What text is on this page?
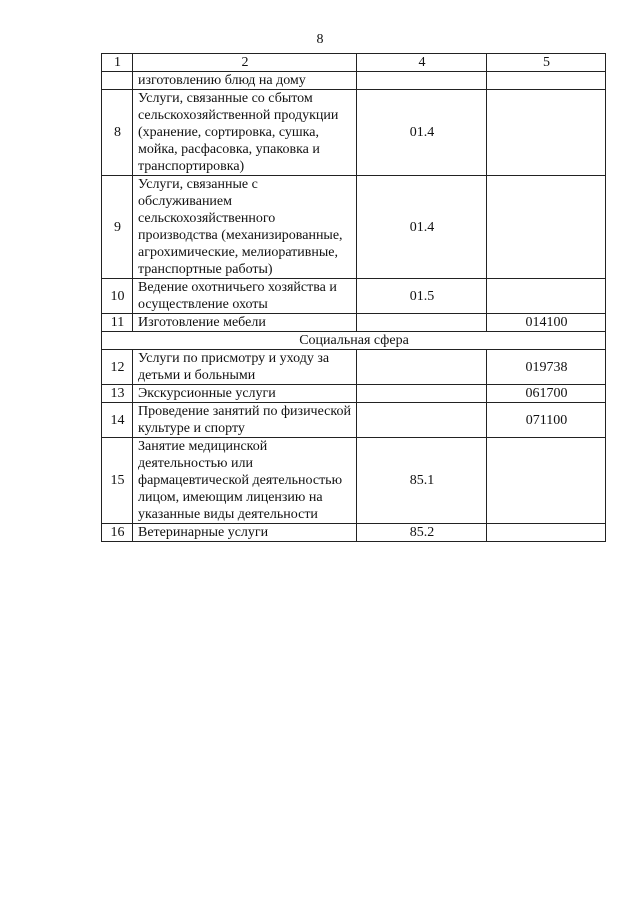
8
1	2	4	5
	изготовлению блюд на дому		
8	Услуги, связанные со сбытом сельскохозяйственной продукции (хранение, сортировка, сушка, мойка, расфасовка, упаковка и транспортировка)	01.4	
9	Услуги, связанные с обслуживанием сельскохозяйственного производства (механизированные, агрохимические, мелиоративные, транспортные работы)	01.4	
10	Ведение охотничьего хозяйства и осуществление охоты	01.5	
11	Изготовление мебели		014100
Социальная сфера			
12	Услуги по присмотру и уходу за детьми и больными		019738
13	Экскурсионные услуги		061700
14	Проведение занятий по физической культуре и спорту		071100
15	Занятие медицинской деятельностью или фармацевтической деятельностью лицом, имеющим лицензию на указанные виды деятельности	85.1	
16	Ветеринарные услуги	85.2	
